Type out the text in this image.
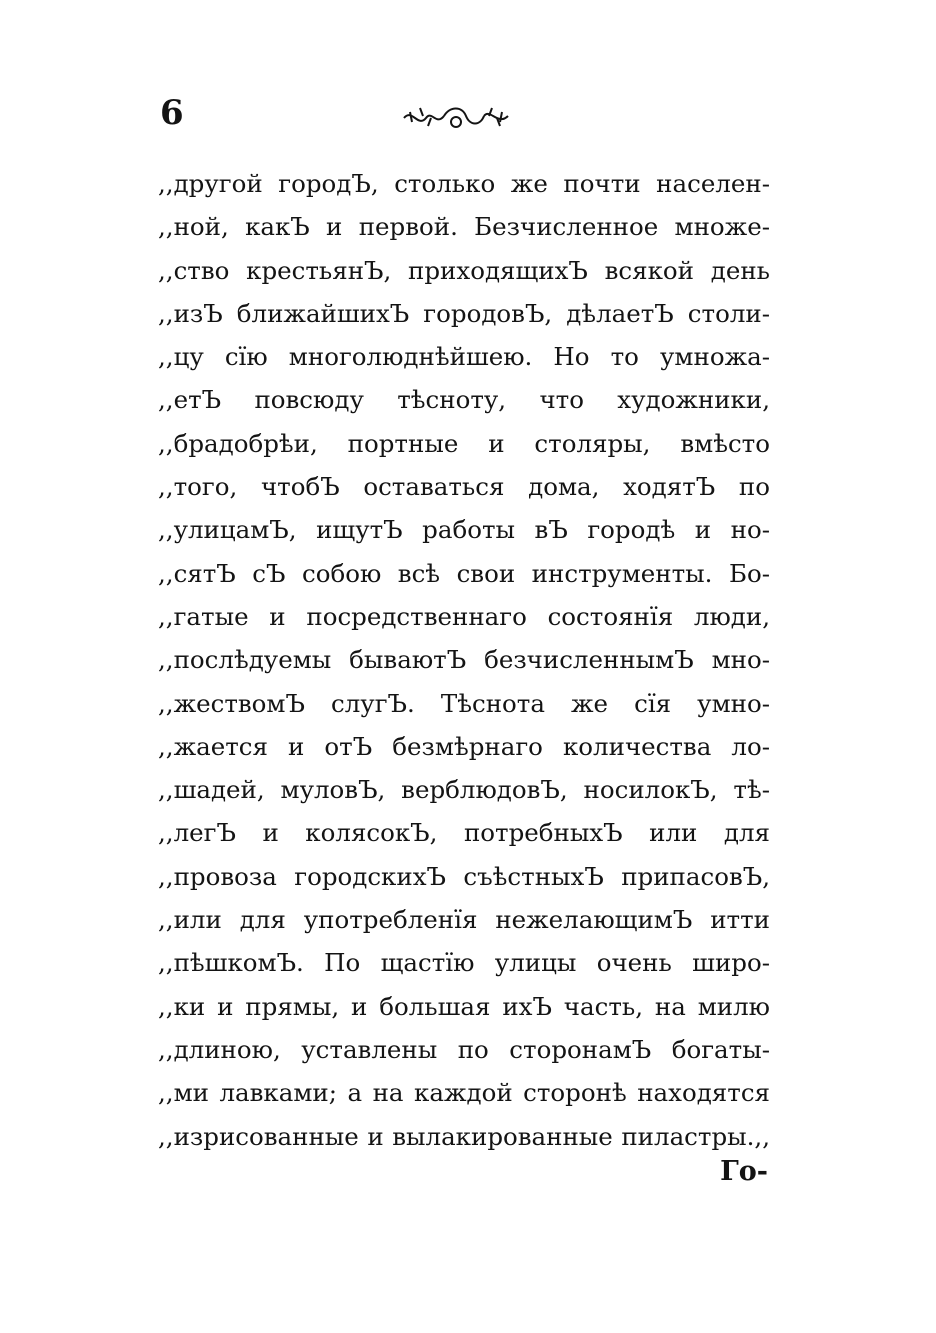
6
,,другой городЪ, столько же почти населен-
,,ной, какЪ и первой. Безчисленное множе-
,,ство крестьянЪ, приходящихЪ всякой день
,,изЪ ближайшихЪ городовЪ, дѣлаетЪ столи-
,,цу сїю многолюднѣйшею. Но то умножа-
,,етЪ повсюду тѣсноту, что художники,
,,брадобрѣи, портные и столяры, вмѣсто
,,того, чтобЪ оставаться дома, ходятЪ по
,,улицамЪ, ищутЪ работы вЪ городѣ и но-
,,сятЪ сЪ собою всѣ свои инструменты. Бо-
,,гатые и посредственнаго состоянїя люди,
,,послѣдуемы бываютЪ безчисленнымЪ мно-
,,жествомЪ слугЪ. Тѣснота же сїя умно-
,,жается и отЪ безмѣрнаго количества ло-
,,шадей, муловЪ, верблюдовЪ, носилокЪ, тѣ-
,,легЪ и колясокЪ, потребныхЪ или для
,,провоза городскихЪ съѣстныхЪ припасовЪ,
,,или для употребленїя нежелающимЪ итти
,,пѣшкомЪ. По щастїю улицы очень широ-
,,ки и прямы, и большая ихЪ часть, на милю
,,длиною, уставлены по сторонамЪ богаты-
,,ми лавками; а на каждой сторонѣ находятся
,,изрисованные и вылакированные пиластры.,,
Го-
